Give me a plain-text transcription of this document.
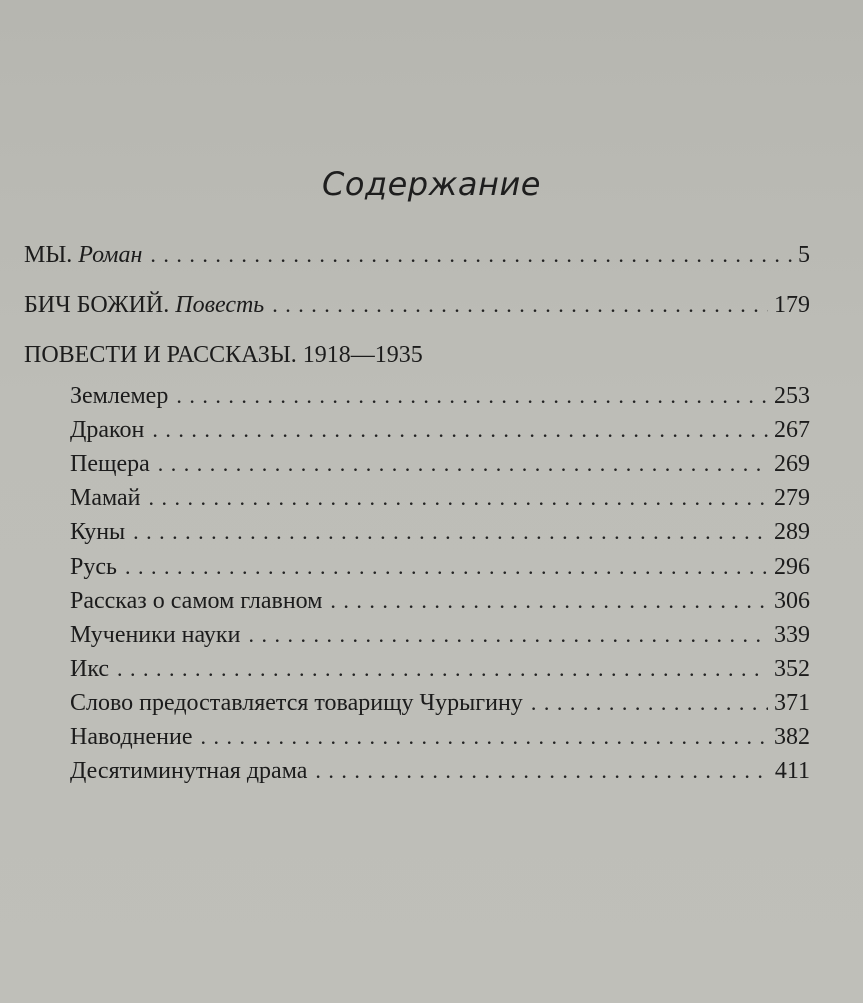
Содержание
МЫ. Роман . . .	5
БИЧ БОЖИЙ. Повесть . . .	179
ПОВЕСТИ И РАССКАЗЫ. 1918—1935
Землемер . . .	253
Дракон . . .	267
Пещера . . .	269
Мамай . . .	279
Куны . . .	289
Русь . . .	296
Рассказ о самом главном . . .	306
Мученики науки . . .	339
Икс . . .	352
Слово предоставляется товарищу Чурыгину . . .	371
Наводнение . . .	382
Десятиминутная драма . . .	411
